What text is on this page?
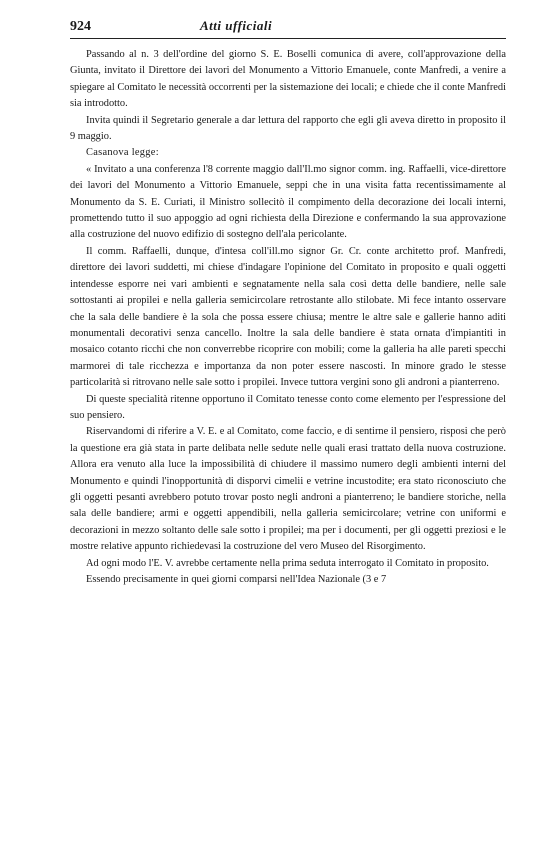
924	Atti ufficiali

Passando al n. 3 dell'ordine del giorno S. E. Boselli comunica di avere, coll'approvazione della Giunta, invitato il Direttore dei lavori del Monumento a Vittorio Emanuele, conte Manfredi, a venire a spiegare al Comitato le necessità occorrenti per la sistemazione dei locali; e chiede che il conte Manfredi sia introdotto.

Invita quindi il Segretario generale a dar lettura del rapporto che egli gli aveva diretto in proposito il 9 maggio.

Casanova legge:

« Invitato a una conferenza l'8 corrente maggio dall'Il.mo signor comm. ing. Raffaelli, vice-direttore dei lavori del Monumento a Vittorio Emanuele, seppi che in una visita fatta recentissimamente al Monumento da S. E. Curiati, il Ministro sollecitò il compimento della decorazione dei locali interni, promettendo tutto il suo appoggio ad ogni richiesta della Direzione e confermando la sua approvazione alla costruzione del nuovo edifizio di sostegno dell'ala pericolante.

Il comm. Raffaelli, dunque, d'intesa coll'ill.mo signor Gr. Cr. conte architetto prof. Manfredi, direttore dei lavori suddetti, mi chiese d'indagare l'opinione del Comitato in proposito e quali oggetti intendesse esporre nei vari ambienti e segnatamente nella sala così detta delle bandiere, nelle sale sottostanti ai propilei e nella galleria semicircolare retrostante allo stilobate. Mi fece intanto osservare che la sala delle bandiere è la sola che possa essere chiusa; mentre le altre sale e gallerie hanno aditi monumentali decorativi senza cancello. Inoltre la sala delle bandiere è stata ornata d'impiantiti in mosaico cotanto ricchi che non converrebbe ricoprire con mobili; come la galleria ha alle pareti specchi marmorei di tale ricchezza e importanza da non poter essere nascosti. In minore grado le stesse particolarità si ritrovano nelle sale sotto i propilei. Invece tuttora vergini sono gli androni a pianterreno.

Di queste specialità ritenne opportuno il Comitato tenesse conto come elemento per l'espressione del suo pensiero.

Riservandomi di riferire a V. E. e al Comitato, come faccio, e di sentirne il pensiero, risposi che però la questione era già stata in parte delibata nelle sedute nelle quali erasi trattato della nuova costruzione. Allora era venuto alla luce la impossibilità di chiudere il massimo numero degli ambienti interni del Monumento e quindi l'inopportunità di disporvi cimelii e vetrine incustodite; era stato riconosciuto che gli oggetti pesanti avrebbero potuto trovar posto negli androni a pianterreno; le bandiere storiche, nella sala delle bandiere; armi e oggetti appendibili, nella galleria semicircolare; vetrine con uniformi e decorazioni in mezzo soltanto delle sale sotto i propilei; ma per i documenti, per gli oggetti preziosi e le mostre relative appunto richiedevasi la costruzione del vero Museo del Risorgimento.

Ad ogni modo l'E. V. avrebbe certamente nella prima seduta interrogato il Comitato in proposito.

Essendo precisamente in quei giorni comparsi nell'Idea Nazionale (3 e 7
